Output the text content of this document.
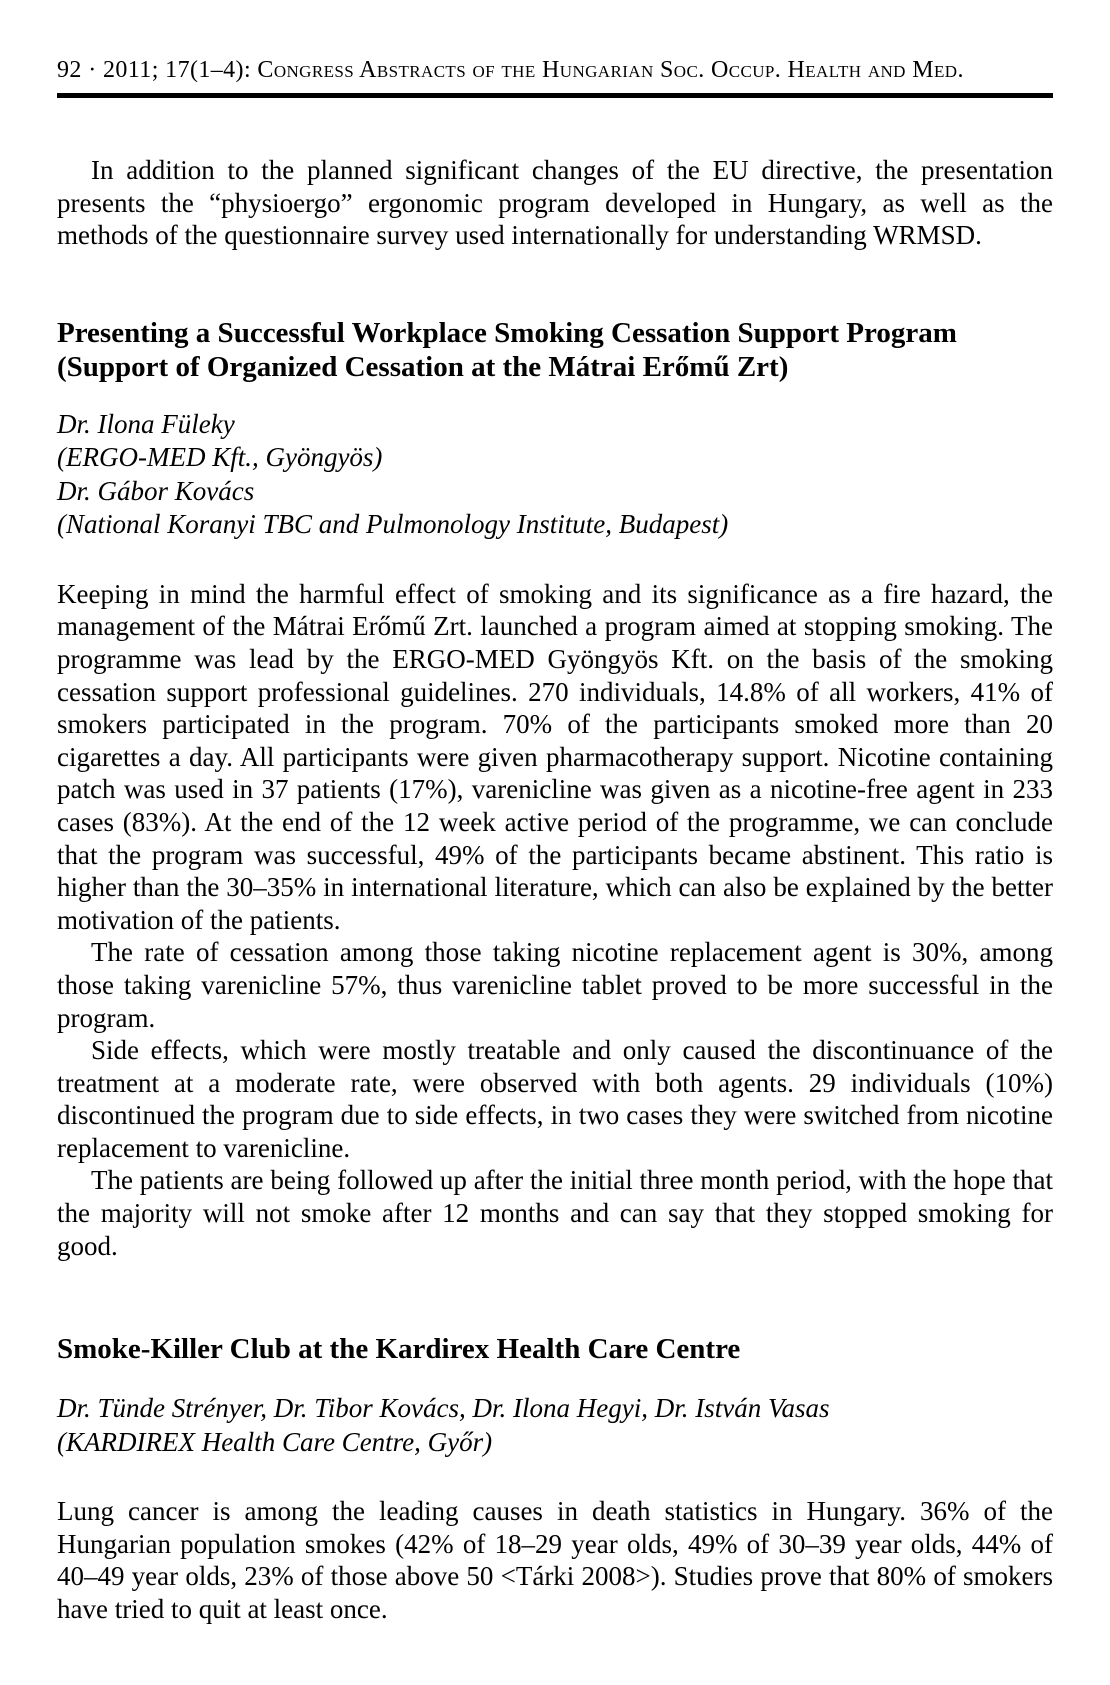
92 · 2011; 17(1–4): Congress Abstracts of the Hungarian Soc. Occup. Health and Med.

In addition to the planned significant changes of the EU directive, the presentation presents the “physioergo” ergonomic program developed in Hungary, as well as the methods of the questionnaire survey used internationally for understanding WRMSD.

Presenting a Successful Workplace Smoking Cessation Support Program (Support of Organized Cessation at the Mátrai Erőmű Zrt)
Dr. Ilona Füleky
(ERGO-MED Kft., Gyöngyös)
Dr. Gábor Kovács
(National Koranyi TBC and Pulmonology Institute, Budapest)

Keeping in mind the harmful effect of smoking and its significance as a fire hazard, the management of the Mátrai Erőmű Zrt. launched a program aimed at stopping smoking. The programme was lead by the ERGO-MED Gyöngyös Kft. on the basis of the smoking cessation support professional guidelines. 270 individuals, 14.8% of all workers, 41% of smokers participated in the program. 70% of the participants smoked more than 20 cigarettes a day. All participants were given pharmacotherapy support. Nicotine containing patch was used in 37 patients (17%), varenicline was given as a nicotine-free agent in 233 cases (83%). At the end of the 12 week active period of the programme, we can conclude that the program was successful, 49% of the participants became abstinent. This ratio is higher than the 30–35% in international literature, which can also be explained by the better motivation of the patients.

The rate of cessation among those taking nicotine replacement agent is 30%, among those taking varenicline 57%, thus varenicline tablet proved to be more successful in the program.

Side effects, which were mostly treatable and only caused the discontinuance of the treatment at a moderate rate, were observed with both agents. 29 individuals (10%) discontinued the program due to side effects, in two cases they were switched from nicotine replacement to varenicline.

The patients are being followed up after the initial three month period, with the hope that the majority will not smoke after 12 months and can say that they stopped smoking for good.

Smoke-Killer Club at the Kardirex Health Care Centre
Dr. Tünde Strényer, Dr. Tibor Kovács, Dr. Ilona Hegyi, Dr. István Vasas
(KARDIREX Health Care Centre, Győr)

Lung cancer is among the leading causes in death statistics in Hungary. 36% of the Hungarian population smokes (42% of 18–29 year olds, 49% of 30–39 year olds, 44% of 40–49 year olds, 23% of those above 50 <Tárki 2008>). Studies prove that 80% of smokers have tried to quit at least once.
